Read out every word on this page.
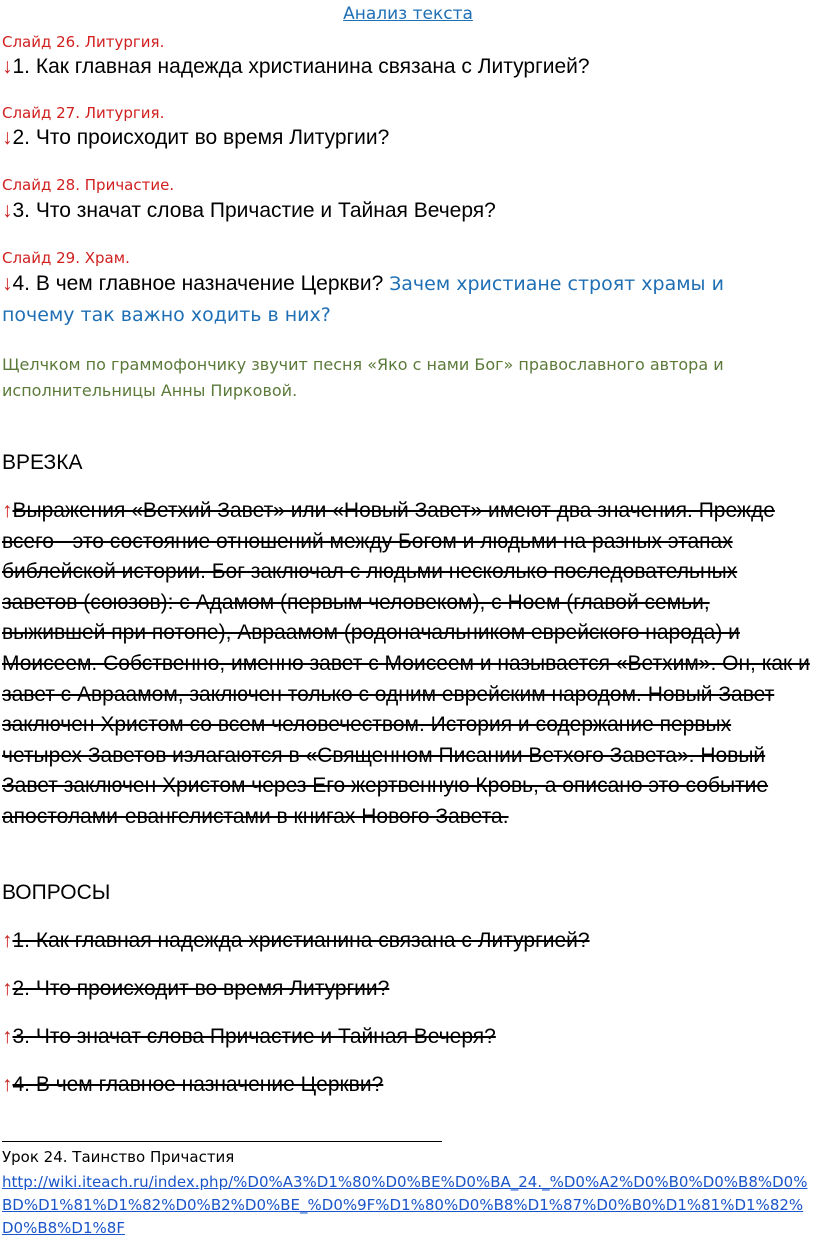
Анализ текста
Слайд 26. Литургия.
↓1. Как главная надежда христианина связана с Литургией?
Слайд 27. Литургия.
↓2. Что происходит во время Литургии?
Слайд 28. Причастие.
↓3. Что значат слова Причастие и Тайная Вечеря?
Слайд 29. Храм.
↓4. В чем главное назначение Церкви? Зачем христиане строят храмы и
почему так важно ходить в них?
Щелчком по граммофончику звучит песня «Яко с нами Бог» православного автора и исполнительницы Анны Пирковой.
ВРЕЗКА
↑Выражения «Ветхий Завет» или «Новый Завет» имеют два значения. Прежде всего - это состояние отношений между Богом и людьми на разных этапах библейской истории. Бог заключал с людьми несколько последовательных заветов (союзов): с Адамом (первым человеком), с Ноем (главой семьи, выжившей при потопе), Авраамом (родоначальником еврейского народа) и Моисеем. Собственно, именно завет с Моисеем и называется «Ветхим». Он, как и завет с Авраамом, заключен только с одним еврейским народом. Новый Завет заключен Христом со всем человечеством. История и содержание первых четырех Заветов излагаются в «Священном Писании Ветхого Завета». Новый Завет заключен Христом через Его жертвенную Кровь, а описано это событие апостолами-евангелистами в книгах Нового Завета.
ВОПРОСЫ
↑1. Как главная надежда христианина связана с Литургией?
↑2. Что происходит во время Литургии?
↑3. Что значат слова Причастие и Тайная Вечеря?
↑4. В чем главное назначение Церкви?
Урок 24. Таинство Причастия
http://wiki.iteach.ru/index.php/%D0%A3%D1%80%D0%BE%D0%BA_24._%D0%A2%D0%B0%D0%B8%D0%BD%D1%81%D1%82%D0%B2%D0%BE_%D0%9F%D1%80%D0%B8%D1%87%D0%B0%D1%81%D1%82%D0%B8%D1%8F
